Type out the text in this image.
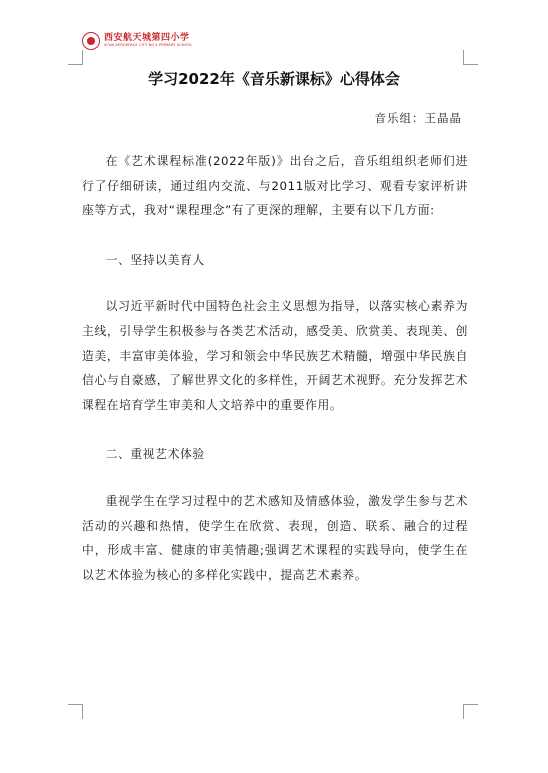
西安航天城第四小学
XI'AN AEROSPACE CITY NO.4 PRIMARY SCHOOL
学习2022年《音乐新课标》心得体会
音乐组：王晶晶

在《艺术课程标准(2022年版)》出台之后，音乐组组织老师们进行了仔细研读，通过组内交流、与2011版对比学习、观看专家评析讲座等方式，我对“课程理念”有了更深的理解，主要有以下几方面:

一、坚持以美育人

以习近平新时代中国特色社会主义思想为指导，以落实核心素养为主线，引导学生积极参与各类艺术活动，感受美、欣赏美、表现美、创造美，丰富审美体验，学习和领会中华民族艺术精髓，增强中华民族自信心与自豪感，了解世界文化的多样性，开阔艺术视野。充分发挥艺术课程在培育学生审美和人文培养中的重要作用。

二、重视艺术体验

重视学生在学习过程中的艺术感知及情感体验，激发学生参与艺术活动的兴趣和热情，使学生在欣赏、表现，创造、联系、融合的过程中，形成丰富、健康的审美情趣;强调艺术课程的实践导向，使学生在以艺术体验为核心的多样化实践中，提高艺术素养。
